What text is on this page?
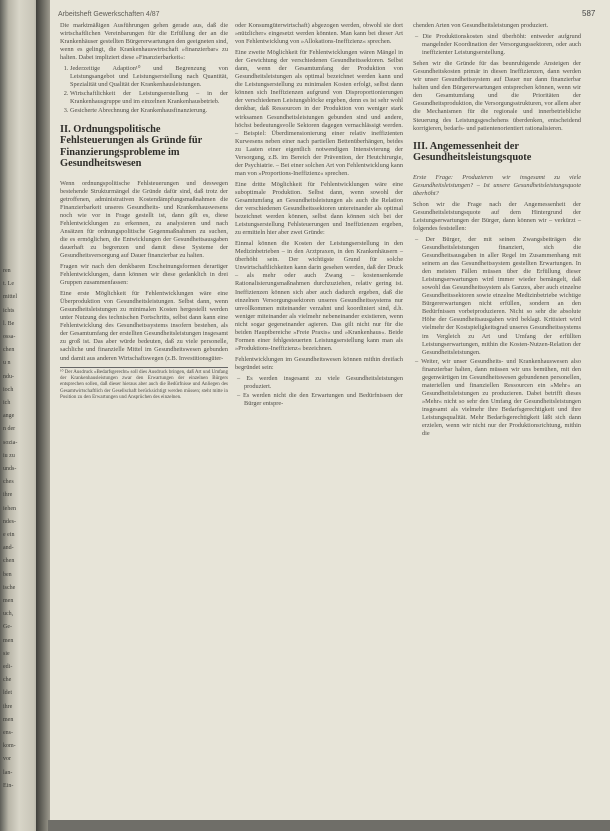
ren
t. Le
mittel
ichts
l. Be
ossa-
chen
u n
ndu-
ioch
ich
ange
n der
sozia-
iu zu
unds-
ches
ihre
iehen
ndes-
e ein
and-
chen
ben
ische
men
uch,
Ge-
men
sie
edi-
che
ldet
ihre
men
ens-
kom-
vor
lan-
Ein-
Arbeitsheft Gewerkschaften 4/87	587

Die marktmäßigen Ausführungen gehen gerade aus, daß die wirtschaftlichen Vereinbarungen für die Erfüllung der an die Krankenhäuser gestellten Bürgererwartungen den geeigneten sind, wenn es gelingt, die Krankenhauswirtschaft »finanzierbar« zu halten. Dabei impliziert diese »Finanzierbarkeit«:

1. Jederzeitige Adaption¹⁰ und Begrenzung von Leistungsangebot und Leistungserstellung nach Quantität, Spezialität und Qualität der Krankenhausleistungen.
2. Wirtschaftlichkeit der Leistungserstellung – in der Krankenhausgruppe und im einzelnen Krankenhausbetrieb.
3. Gesicherte Abrechnung der Krankenhausfinanzierung.
II. Ordnungspolitische Fehlsteuerungen als Gründe für Finanzierungsprobleme im Gesundheitswesen

Wenn ordnungspolitische Fehlsteuerungen und deswegen bestehende Strukturmängel die Gründe dafür sind, daß trotz der getroffenen, administrativen Kostendämpfungsmaßnahmen die Finanzierbarkeit unseres Gesundheits- und Krankenhauswesens noch wie vor in Frage gestellt ist, dann gilt es, diese Fehlentwicklungen zu erkennen, zu analysieren und nach Ansätzen für ordnungspolitische Gegenmaßnahmen zu suchen, die es ermöglichen, die Entwicklungen der Gesundheitsausgaben dauerhaft zu begrenzen und damit diese Systeme der Gesundheitsversorgung auf Dauer finanzierbar zu halten.

Fragen wir nach den denkbaren Erscheinungsformen derartiger Fehlentwicklungen, dann können wir diese gedanklich in drei Gruppen zusammenfassen:

Eine erste Möglichkeit für Fehlentwicklungen wäre eine Überproduktion von Gesundheitsleistungen. Selbst dann, wenn Gesundheitsleistungen zu minimalen Kosten hergestellt werden unter Nutzung des technischen Fortschritts, selbst dann kann eine Fehlentwicklung des Gesundheitssystems insofern bestehen, als der Gesamtumfang der erstellten Gesundheitsleistungen insgesamt zu groß ist. Das aber würde bedeuten, daß zu viele personelle, sachliche und finanzielle Mittel im Gesundheitswesen gebunden und damit aus anderen Wirtschaftswegen (z.B. Investitionsgüter-

¹⁰ Der Ausdruck »Bedarfsgerecht« soll dies Ausdruck bringen, daß Art und Umfang der Krankenhausleistungen zwar den Erwartungen der einzelnen Bürgers entsprechen sollen, daß dieser hieraus aber auch die Bedürfnisse und Anliegen des Gesamtwirtschaftlich der Gesellschaft berücksichtigt werden müssen; steht mitte in Position zu den Erwartungen und Ansprüchen des einzelnen.

oder Konsumgüterwirtschaft) abgezogen werden, obwohl sie dort »nützlicher« eingesetzt werden könnten. Man kann bei dieser Art von Fehlentwicklung von »Allokations-Ineffizienz« sprechen.

Eine zweite Möglichkeit für Fehlentwicklungen wären Mängel in der Gewichtung der verschiedenen Gesundheitssektoren. Selbst dann, wenn der Gesamtumfang der Produktion von Gesundheitsleistungen als optimal bezeichnet werden kann und die Leistungserstellung zu minimalen Kosten erfolgt, selbst dann können sich Ineffizienzen aufgrund von Disproportionierungen der verschiedenen Leistungsblöcke ergeben, denn es ist sehr wohl denkbar, daß Ressourcen in der Produktion von weniger stark wirksamen Gesundheitsleistungen gebunden sind und andere, höchst bedeutungsvolle Sektoren dagegen vernachlässigt werden. – Beispiel: Überdimensionierung einer relativ ineffizienten Kurwesens neben einer nach partiellen Bettenüberhängen, beides zu Lasten einer eigentlich notwendigen Intensivierung der Versorgung, z.B. im Bereich der Prävention, der Heutchirurgie, der Psychiatrie. – Bei einer solchen Art von Fehlentwicklung kann man von »Proportions-Ineffizienz« sprechen.

Eine dritte Möglichkeit für Fehlentwicklungen wäre eine suboptimale Produktion. Selbst dann, wenn sowohl der Gesamtumfang an Gesundheitsleistungen als auch die Relation der verschiedenen Gesundheitssektoren untereinander als optimal bezeichnet werden können, selbst dann können sich bei der Leistungserstellung Fehlsteuerungen und Ineffizienzen ergeben, zu ermitteln hier aber zwei Gründe:

Einmal können die Kosten der Leistungserstellung in den Medizinbetrieben – in den Arztpraxen, in den Krankenhäusern – überhöht sein. Der wichtigste Grund für solche Unwirtschaftlichkeiten kann darin gesehen werden, daß der Druck – als mehr oder auch Zwang – kostensenkende Rationalisierungsmaßnahmen durchzuziehen, relativ gering ist. Ineffizienzen können sich aber auch dadurch ergeben, daß die einzelnen Versorgungssektoren unseres Gesundheitssystems nur unvollkommen miteinander verzahnt und koordiniert sind, d.h. weniger miteinander als vielmehr nebeneinander existieren, wenn nicht sogar gegeneinander agieren. Das gilt nicht nur für die beiden Hauptbereiche »Freie Praxis« und »Krankenhaus«. Beide Formen einer fehlgesteuerten Leistungserstellung kann man als »Produktions-Ineffizienz« bezeichnen.

Fehlentwicklungen im Gesundheitswesen können mithin dreifach begründet sein:

– Es werden insgesamt zu viele Gesundheitsleistungen produziert.
– Es werden nicht die den Erwartungen und Bedürfnissen der Bürger entspre-

chenden Arten von Gesundheitsleistungen produziert.

– Die Produktionskosten sind überhöht: entweder aufgrund mangelnder Koordination der Versorgungssektoren, oder auch ineffizienter Leistungserstellung.

Sehen wir die Gründe für das beunruhigende Ansteigen der Gesundheitskosten primär in diesen Ineffizienzen, dann werden wir unser Gesundheitssystem auf Dauer nur dann finanzierbar halten und den Bürgererwartungen entsprechen können, wenn wir den Gesamtumfang und die Prioritäten der Gesundheitsproduktion, die Versorgungsstrukturen, vor allem aber die Mechanismen für die regionale und innerbetriebliche Steuerung des Leistungsgeschehens überdenken, entscheidend korrigieren, bedarfs- und patientenorientiert rationalisieren.

III. Angemessenheit der Gesundheitsleistungsquote

Erste Frage: Produzieren wir insgesamt zu viele Gesundheitsleistungen? – Ist unsere Gesundheitsleistungsquote überhöht?

Schon wir die Frage nach der Angemessenheit der Gesundheitsleistungsquote auf dem Hintergrund der Leistungserwartungen der Bürger, dann können wir – verkürzt – folgendes feststellen:

– Der Bürger, der mit seinen Zwangsbeiträgen die Gesundheitsleistungen finanziert, sich die Gesundheitsausgaben in aller Regel im Zusammenhang mit seinem an das Gesundheitssystem gestellten Erwartungen. In den meisten Fällen müssen über die Erfüllung dieser Leistungserwartungen wird immer wieder bemängelt, daß sowohl das Gesundheitssystem als Ganzes, aber auch einzelne Gesundheitssektoren sowie einzelne Medizinbetriebe wichtige Bürgererwartungen nicht erfüllen, sondern an den Bedürfnissen vorbeiproduzieren. Nicht so sehr die absolute Höhe der Gesundheitsausgaben wird beklagt. Kritisiert wird vielmehr der Kostspieligkeitsgrad unseres Gesundheitssystems im Vergleich zu Art und Umfang der erfüllten Leistungserwartungen, mithin die Kosten-Nutzen-Relation der Gesundheitsleistungen.
– Weiter, wir unser Gesundheits- und Krankenhauswesen also finanzierbar halten, dann müssen wir uns bemühen, mit den gegenwärtigen im Gesundheitswesen gebundenen personellen, materiellen und finanziellen Ressourcen ein »Mehr« an Gesundheitsleistungen zu produzieren. Dabei betrifft dieses »Mehr« nicht so sehr den Umfang der Gesundheitsleistungen insgesamt als vielmehr ihre Bedarfsgerechtigkeit und ihre Leistungsqualität. Mehr Bedarfsgerechtigkeit läßt sich dann erzielen, wenn wir nicht nur der Produktionsrichtung, mithin die
